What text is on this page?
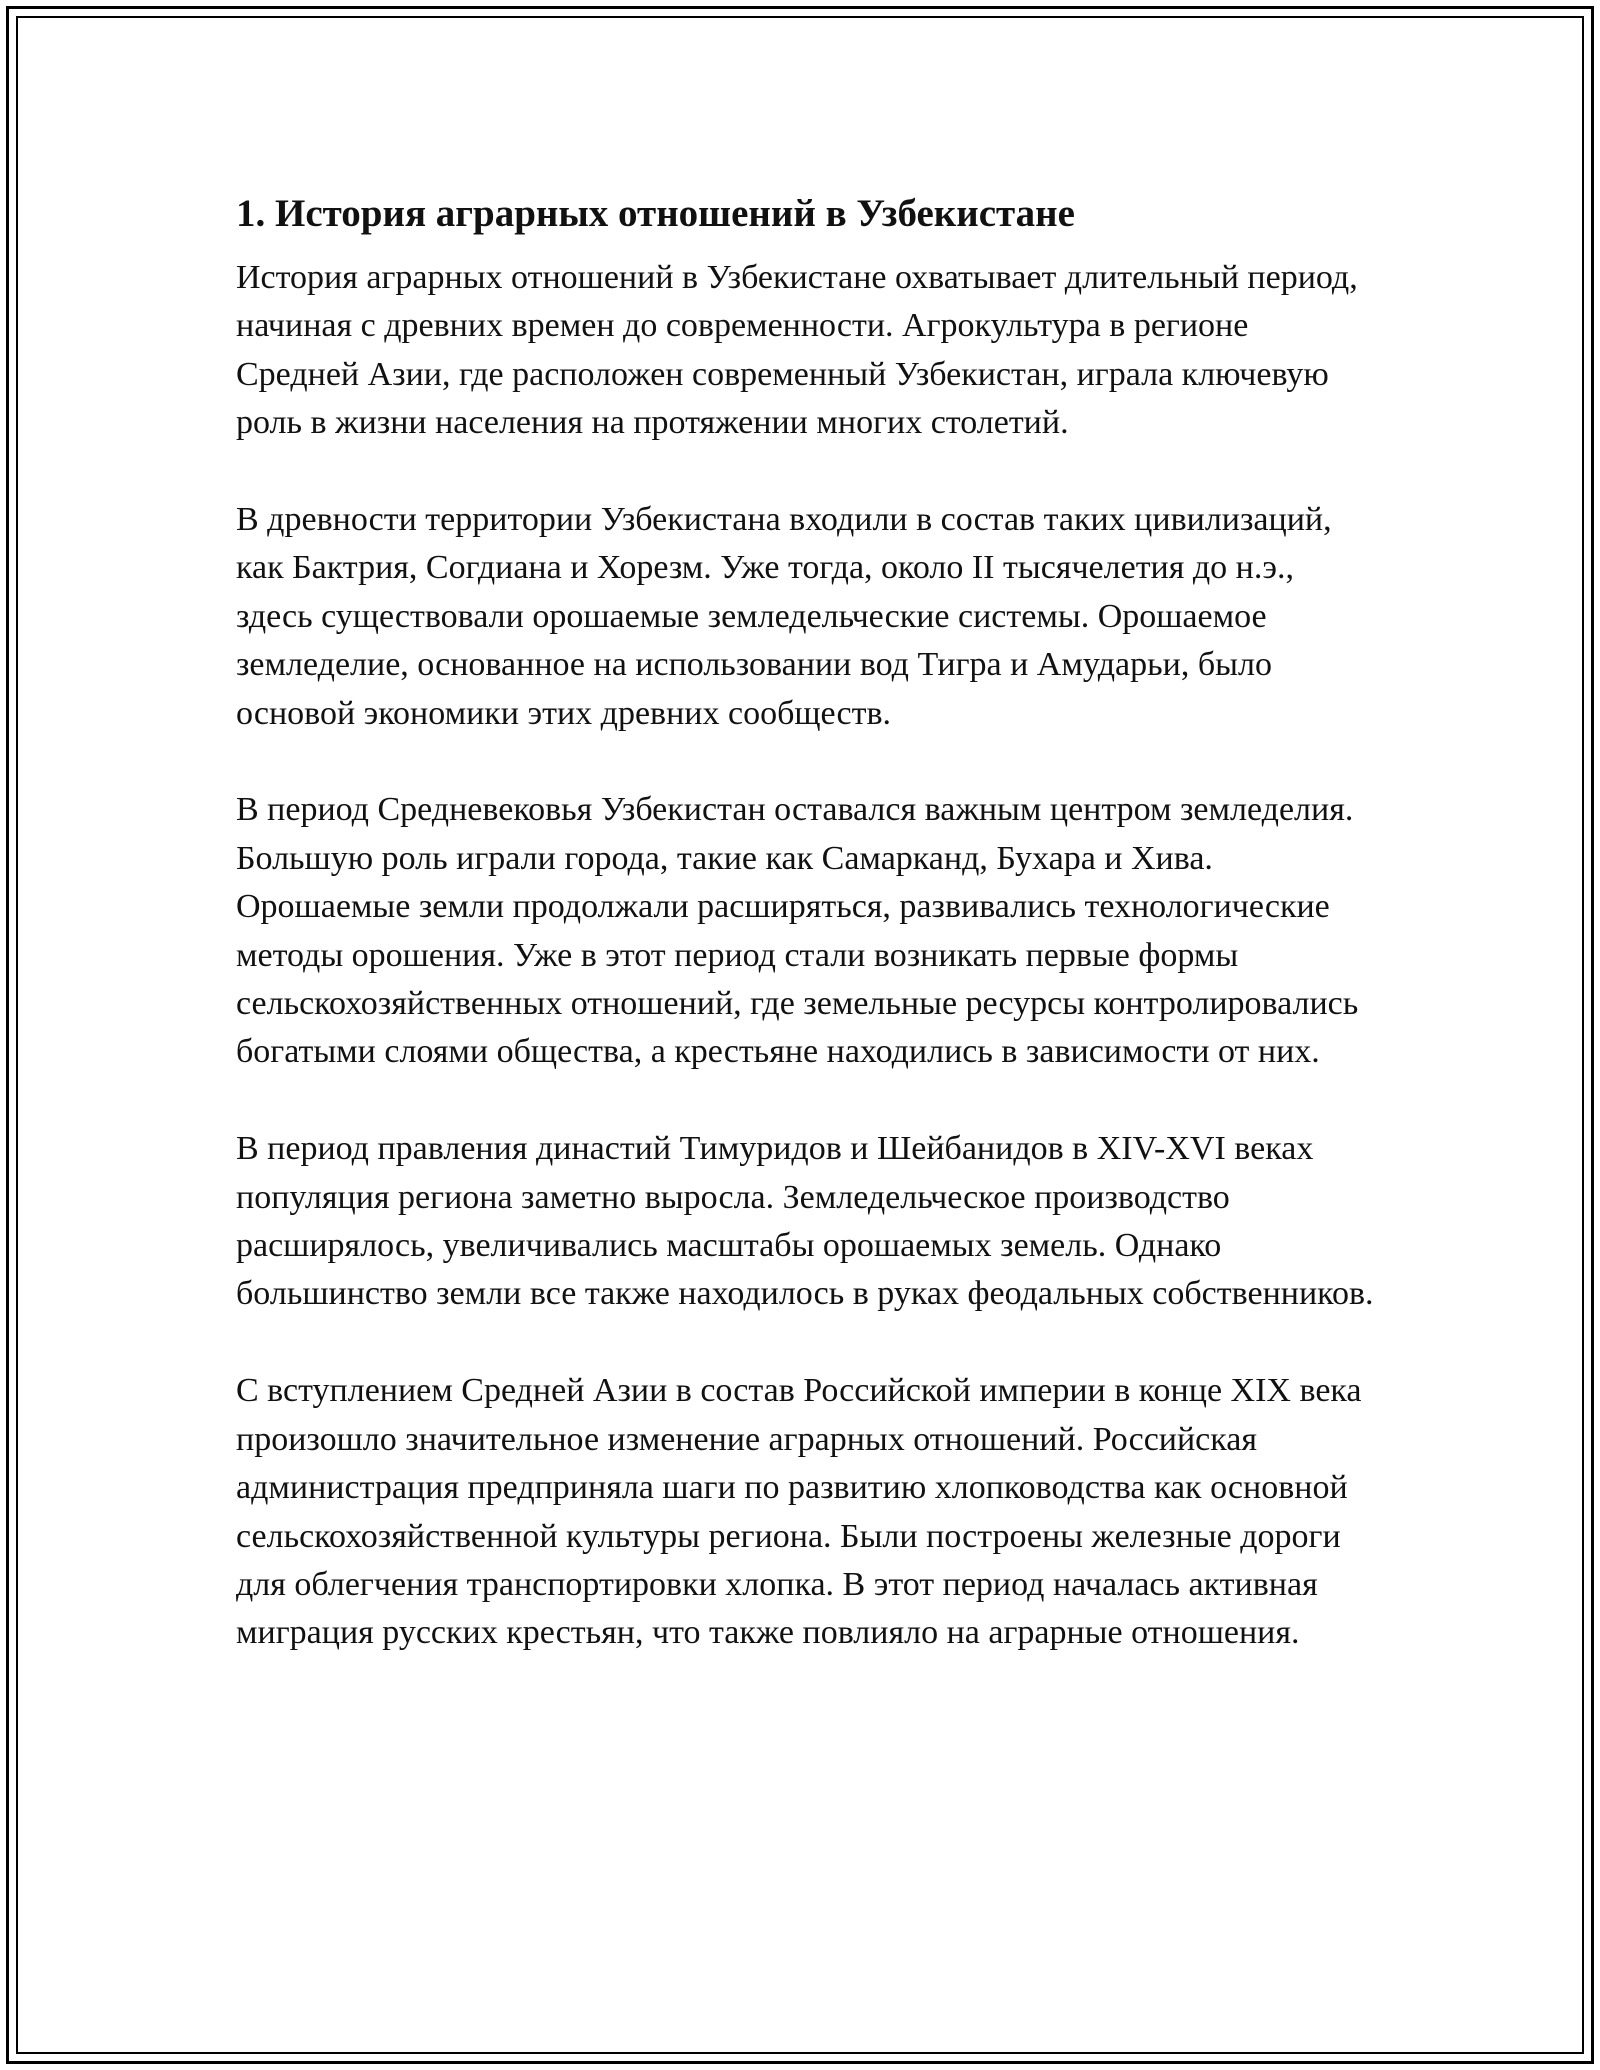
1. История аграрных отношений в Узбекистане

История аграрных отношений в Узбекистане охватывает длительный период, начиная с древних времен до современности. Агрокультура в регионе Средней Азии, где расположен современный Узбекистан, играла ключевую роль в жизни населения на протяжении многих столетий.

В древности территории Узбекистана входили в состав таких цивилизаций, как Бактрия, Согдиана и Хорезм. Уже тогда, около II тысячелетия до н.э., здесь существовали орошаемые земледельческие системы. Орошаемое земледелие, основанное на использовании вод Тигра и Амударьи, было основой экономики этих древних сообществ.

В период Средневековья Узбекистан оставался важным центром земледелия. Большую роль играли города, такие как Самарканд, Бухара и Хива. Орошаемые земли продолжали расширяться, развивались технологические методы орошения. Уже в этот период стали возникать первые формы сельскохозяйственных отношений, где земельные ресурсы контролировались богатыми слоями общества, а крестьяне находились в зависимости от них.

В период правления династий Тимуридов и Шейбанидов в XIV-XVI веках популяция региона заметно выросла. Земледельческое производство расширялось, увеличивались масштабы орошаемых земель. Однако большинство земли все также находилось в руках феодальных собственников.

С вступлением Средней Азии в состав Российской империи в конце XIX века произошло значительное изменение аграрных отношений. Российская администрация предприняла шаги по развитию хлопководства как основной сельскохозяйственной культуры региона. Были построены железные дороги для облегчения транспортировки хлопка. В этот период началась активная миграция русских крестьян, что также повлияло на аграрные отношения.
